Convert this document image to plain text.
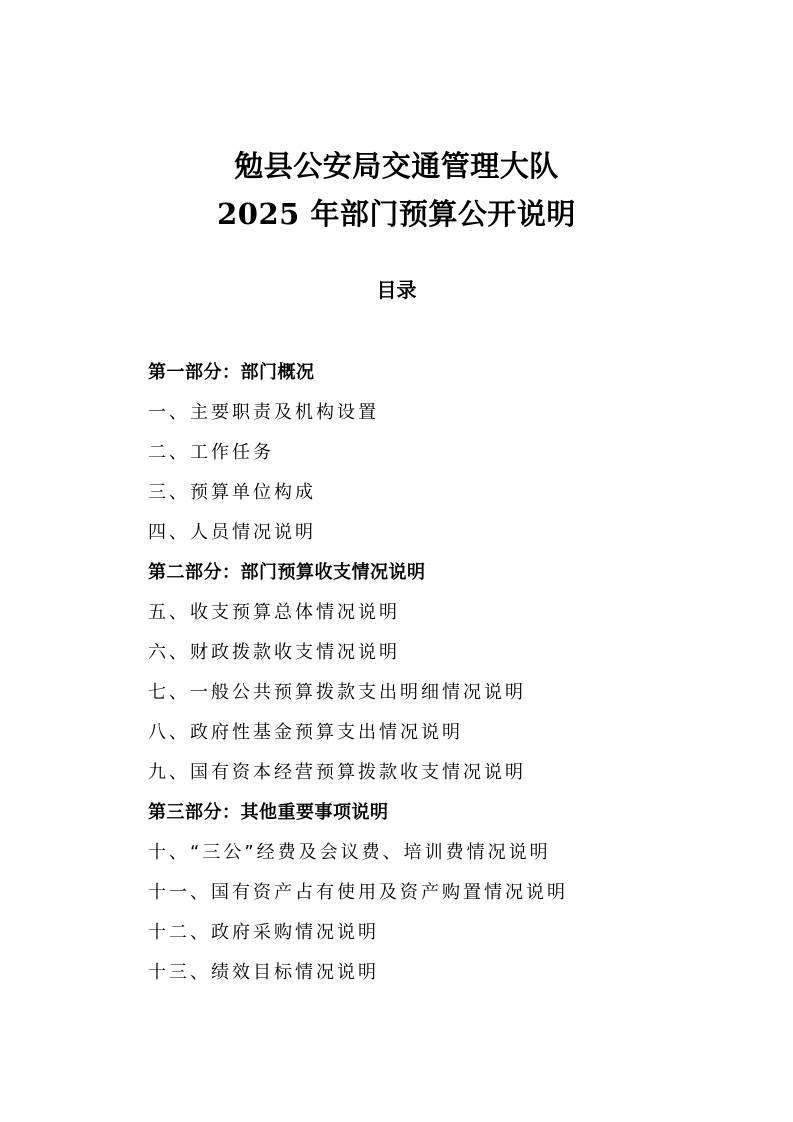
勉县公安局交通管理大队
2025 年部门预算公开说明
目录
第一部分：部门概况
一、主要职责及机构设置
二、工作任务
三、预算单位构成
四、人员情况说明
第二部分：部门预算收支情况说明
五、收支预算总体情况说明
六、财政拨款收支情况说明
七、一般公共预算拨款支出明细情况说明
八、政府性基金预算支出情况说明
九、国有资本经营预算拨款收支情况说明
第三部分：其他重要事项说明
十、“三公”经费及会议费、培训费情况说明
十一、国有资产占有使用及资产购置情况说明
十二、政府采购情况说明
十三、绩效目标情况说明
